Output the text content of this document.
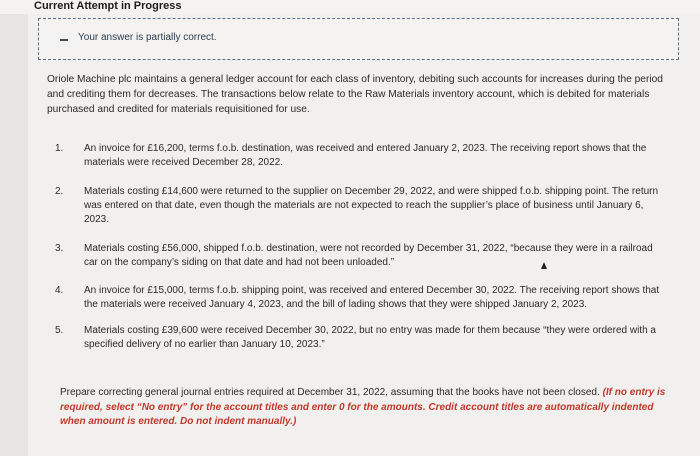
Current Attempt in Progress
Your answer is partially correct.
Oriole Machine plc maintains a general ledger account for each class of inventory, debiting such accounts for increases during the period and crediting them for decreases. The transactions below relate to the Raw Materials inventory account, which is debited for materials purchased and credited for materials requisitioned for use.
1. An invoice for £16,200, terms f.o.b. destination, was received and entered January 2, 2023. The receiving report shows that the materials were received December 28, 2022.
2. Materials costing £14,600 were returned to the supplier on December 29, 2022, and were shipped f.o.b. shipping point. The return was entered on that date, even though the materials are not expected to reach the supplier’s place of business until January 6, 2023.
3. Materials costing £56,000, shipped f.o.b. destination, were not recorded by December 31, 2022, “because they were in a railroad car on the company’s siding on that date and had not been unloaded.”
4. An invoice for £15,000, terms f.o.b. shipping point, was received and entered December 30, 2022. The receiving report shows that the materials were received January 4, 2023, and the bill of lading shows that they were shipped January 2, 2023.
5. Materials costing £39,600 were received December 30, 2022, but no entry was made for them because “they were ordered with a specified delivery of no earlier than January 10, 2023.”
Prepare correcting general journal entries required at December 31, 2022, assuming that the books have not been closed. (If no entry is required, select “No entry” for the account titles and enter 0 for the amounts. Credit account titles are automatically indented when amount is entered. Do not indent manually.)
